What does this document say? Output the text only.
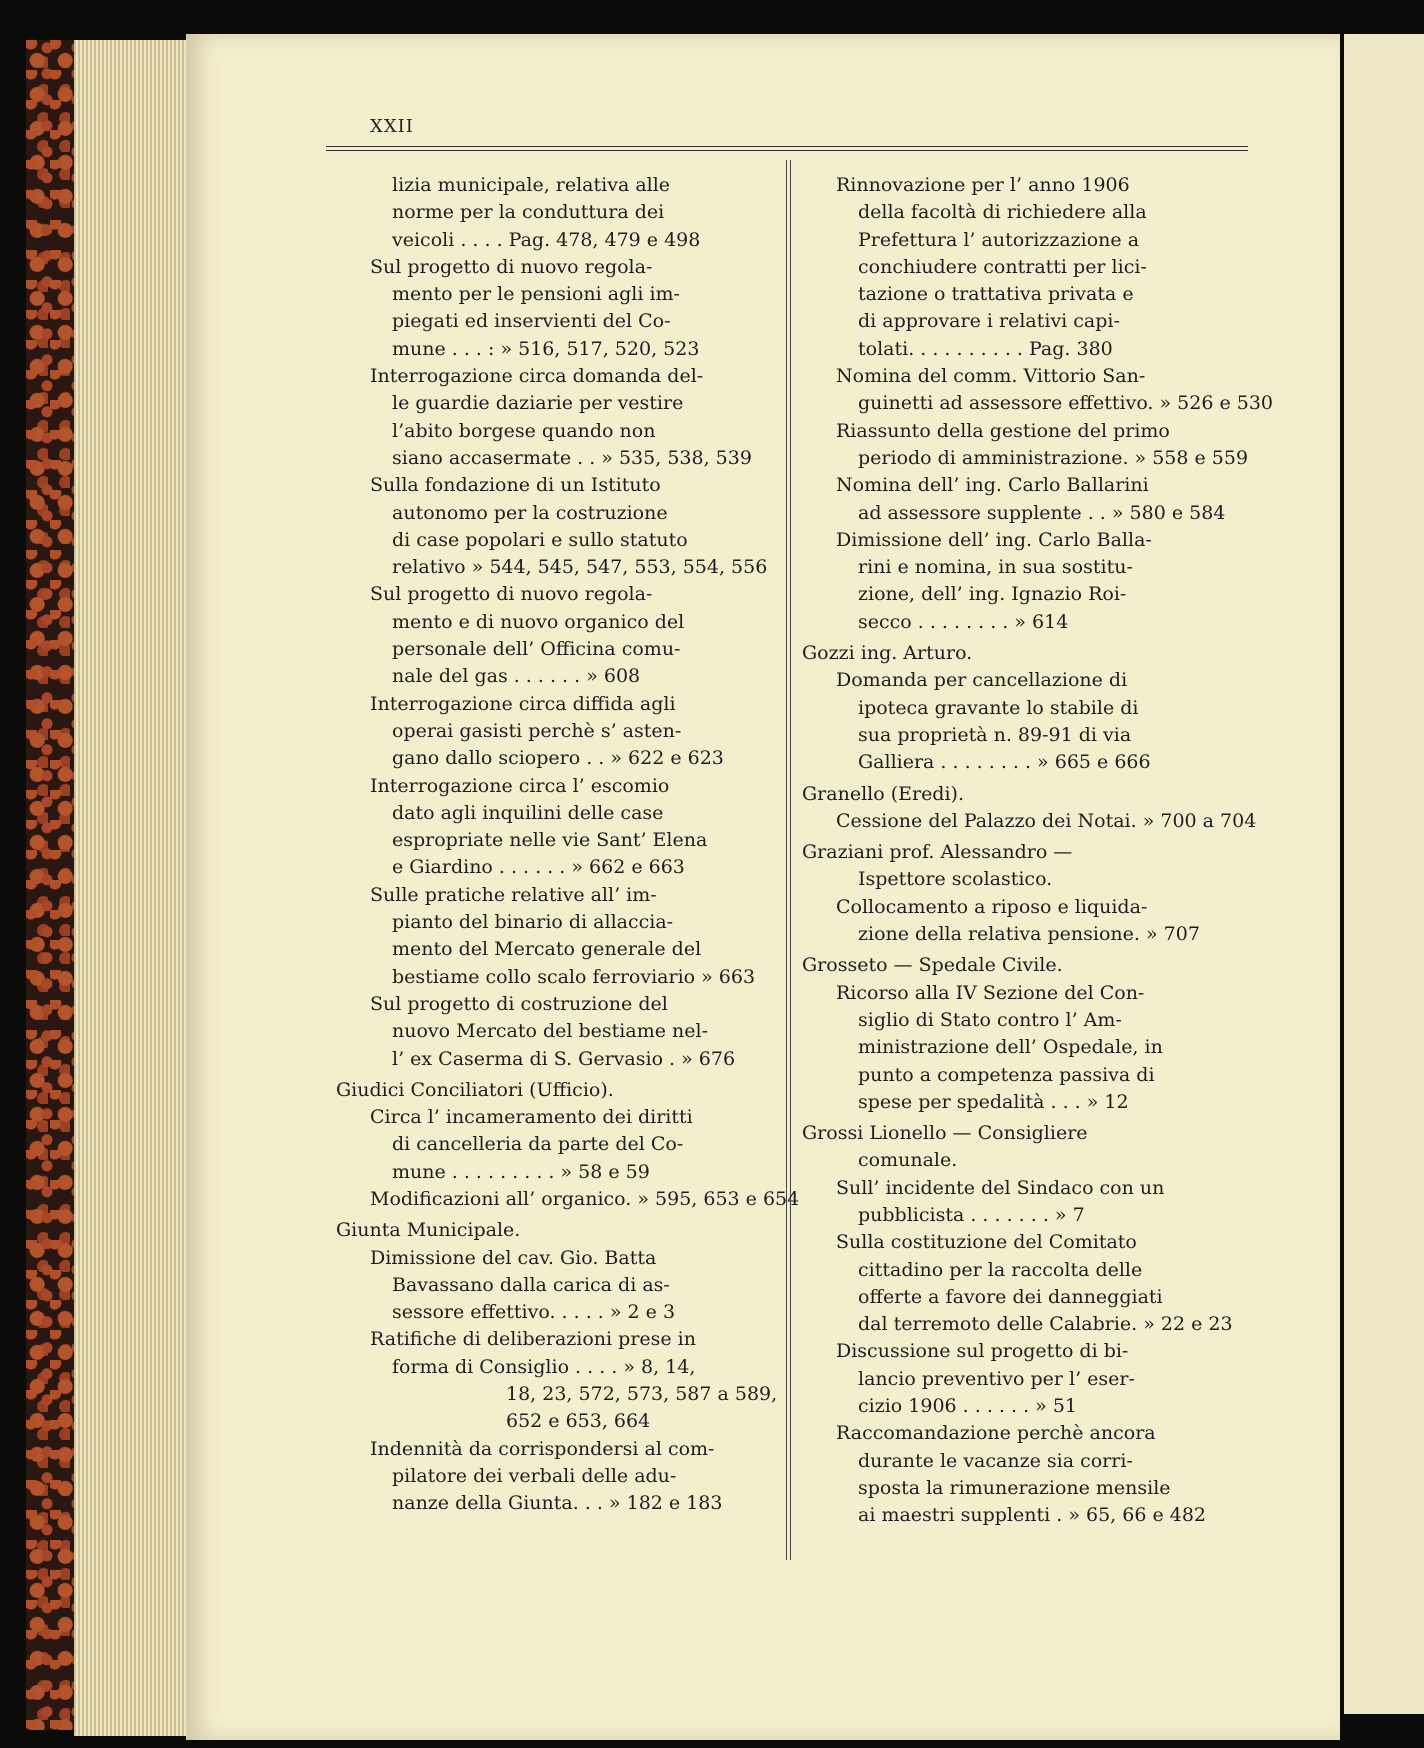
XXII
lizia municipale, relativa alle
norme per la conduttura dei
veicoli . . . . Pag. 478, 479 e 498
Sul progetto di nuovo regola-
mento per le pensioni agli im-
piegati ed inservienti del Co-
mune . . . : » 516, 517, 520, 523
Interrogazione circa domanda del-
le guardie daziarie per vestire
l’abito borgese quando non
siano accasermate . . » 535, 538, 539
Sulla fondazione di un Istituto
autonomo per la costruzione
di case popolari e sullo statuto
relativo » 544, 545, 547, 553, 554, 556
Sul progetto di nuovo regola-
mento e di nuovo organico del
personale dell’ Officina comu-
nale del gas . . . . . . » 608
Interrogazione circa diffida agli
operai gasisti perchè s’ asten-
gano dallo sciopero . . » 622 e 623
Interrogazione circa l’ escomio
dato agli inquilini delle case
espropriate nelle vie Sant’ Elena
e Giardino . . . . . . » 662 e 663
Sulle pratiche relative all’ im-
pianto del binario di allaccia-
mento del Mercato generale del
bestiame collo scalo ferroviario » 663
Sul progetto di costruzione del
nuovo Mercato del bestiame nel-
l’ ex Caserma di S. Gervasio . » 676
Giudici Conciliatori (Ufficio).
Circa l’ incameramento dei diritti
di cancelleria da parte del Co-
mune . . . . . . . . . » 58 e 59
Modificazioni all’ organico. » 595, 653 e 654
Giunta Municipale.
Dimissione del cav. Gio. Batta
Bavassano dalla carica di as-
sessore effettivo. . . . . » 2 e 3
Ratifiche di deliberazioni prese in
forma di Consiglio . . . . » 8, 14,
18, 23, 572, 573, 587 a 589,
652 e 653, 664
Indennità da corrispondersi al com-
pilatore dei verbali delle adu-
nanze della Giunta. . . » 182 e 183
Rinnovazione per l’ anno 1906
della facoltà di richiedere alla
Prefettura l’ autorizzazione a
conchiudere contratti per lici-
tazione o trattativa privata e
di approvare i relativi capi-
tolati. . . . . . . . . . Pag. 380
Nomina del comm. Vittorio San-
guinetti ad assessore effettivo. » 526 e 530
Riassunto della gestione del primo
periodo di amministrazione. » 558 e 559
Nomina dell’ ing. Carlo Ballarini
ad assessore supplente . . » 580 e 584
Dimissione dell’ ing. Carlo Balla-
rini e nomina, in sua sostitu-
zione, dell’ ing. Ignazio Roi-
secco . . . . . . . . » 614
Gozzi ing. Arturo.
Domanda per cancellazione di
ipoteca gravante lo stabile di
sua proprietà n. 89-91 di via
Galliera . . . . . . . . » 665 e 666
Granello (Eredi).
Cessione del Palazzo dei Notai. » 700 a 704
Graziani prof. Alessandro —
Ispettore scolastico.
Collocamento a riposo e liquida-
zione della relativa pensione. » 707
Grosseto — Spedale Civile.
Ricorso alla IV Sezione del Con-
siglio di Stato contro l’ Am-
ministrazione dell’ Ospedale, in
punto a competenza passiva di
spese per spedalità . . . » 12
Grossi Lionello — Consigliere
comunale.
Sull’ incidente del Sindaco con un
pubblicista . . . . . . . » 7
Sulla costituzione del Comitato
cittadino per la raccolta delle
offerte a favore dei danneggiati
dal terremoto delle Calabrie. » 22 e 23
Discussione sul progetto di bi-
lancio preventivo per l’ eser-
cizio 1906 . . . . . . » 51
Raccomandazione perchè ancora
durante le vacanze sia corri-
sposta la rimunerazione mensile
ai maestri supplenti . » 65, 66 e 482
